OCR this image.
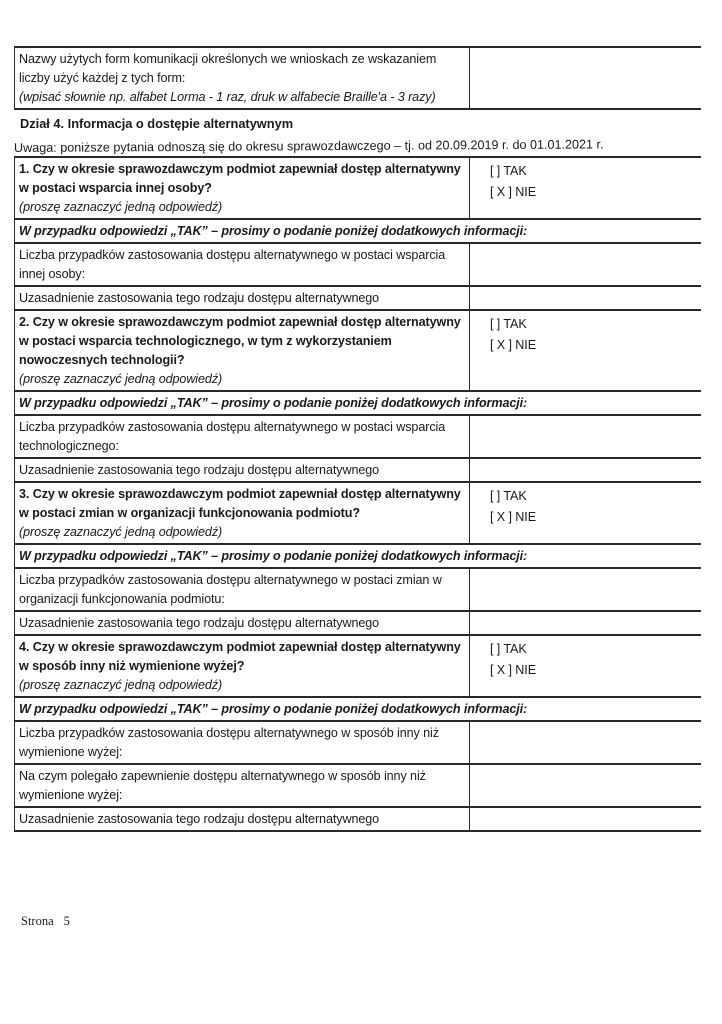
Nazwy użytych form komunikacji określonych we wnioskach ze wskazaniem liczby użyć każdej z tych form:
(wpisać słownie np. alfabet Lorma - 1 raz, druk w alfabecie Braille'a - 3 razy)	
Dział 4. Informacja o dostępie alternatywnym
Uwaga: poniższe pytania odnoszą się do okresu sprawozdawczego – tj. od 20.09.2019 r. do 01.01.2021 r.
1. Czy w okresie sprawozdawczym podmiot zapewniał dostęp alternatywny w postaci wsparcia innej osoby?
(proszę zaznaczyć jedną odpowiedź)	[ ] TAK
[ X ] NIE

W przypadku odpowiedzi „TAK” – prosimy o podanie poniżej dodatkowych informacji:	
Liczba przypadków zastosowania dostępu alternatywnego w postaci wsparcia innej osoby:	
Uzasadnienie zastosowania tego rodzaju dostępu alternatywnego	
2. Czy w okresie sprawozdawczym podmiot zapewniał dostęp alternatywny w postaci wsparcia technologicznego, w tym z wykorzystaniem nowoczesnych technologii?
(proszę zaznaczyć jedną odpowiedź)	[ ] TAK
[ X ] NIE

W przypadku odpowiedzi „TAK” – prosimy o podanie poniżej dodatkowych informacji:	
Liczba przypadków zastosowania dostępu alternatywnego w postaci wsparcia technologicznego:	
Uzasadnienie zastosowania tego rodzaju dostępu alternatywnego	
3. Czy w okresie sprawozdawczym podmiot zapewniał dostęp alternatywny w postaci zmian w organizacji funkcjonowania podmiotu?
(proszę zaznaczyć jedną odpowiedź)	[ ] TAK
[ X ] NIE

W przypadku odpowiedzi „TAK” – prosimy o podanie poniżej dodatkowych informacji:	
Liczba przypadków zastosowania dostępu alternatywnego w postaci zmian w organizacji funkcjonowania podmiotu:	
Uzasadnienie zastosowania tego rodzaju dostępu alternatywnego	
4. Czy w okresie sprawozdawczym podmiot zapewniał dostęp alternatywny w sposób inny niż wymienione wyżej?
(proszę zaznaczyć jedną odpowiedź)	[ ] TAK
[ X ] NIE

W przypadku odpowiedzi „TAK” – prosimy o podanie poniżej dodatkowych informacji:	
Liczba przypadków zastosowania dostępu alternatywnego w sposób inny niż wymienione wyżej:	
Na czym polegało zapewnienie dostępu alternatywnego w sposób inny niż wymienione wyżej:	
Uzasadnienie zastosowania tego rodzaju dostępu alternatywnego	
Strona 5
